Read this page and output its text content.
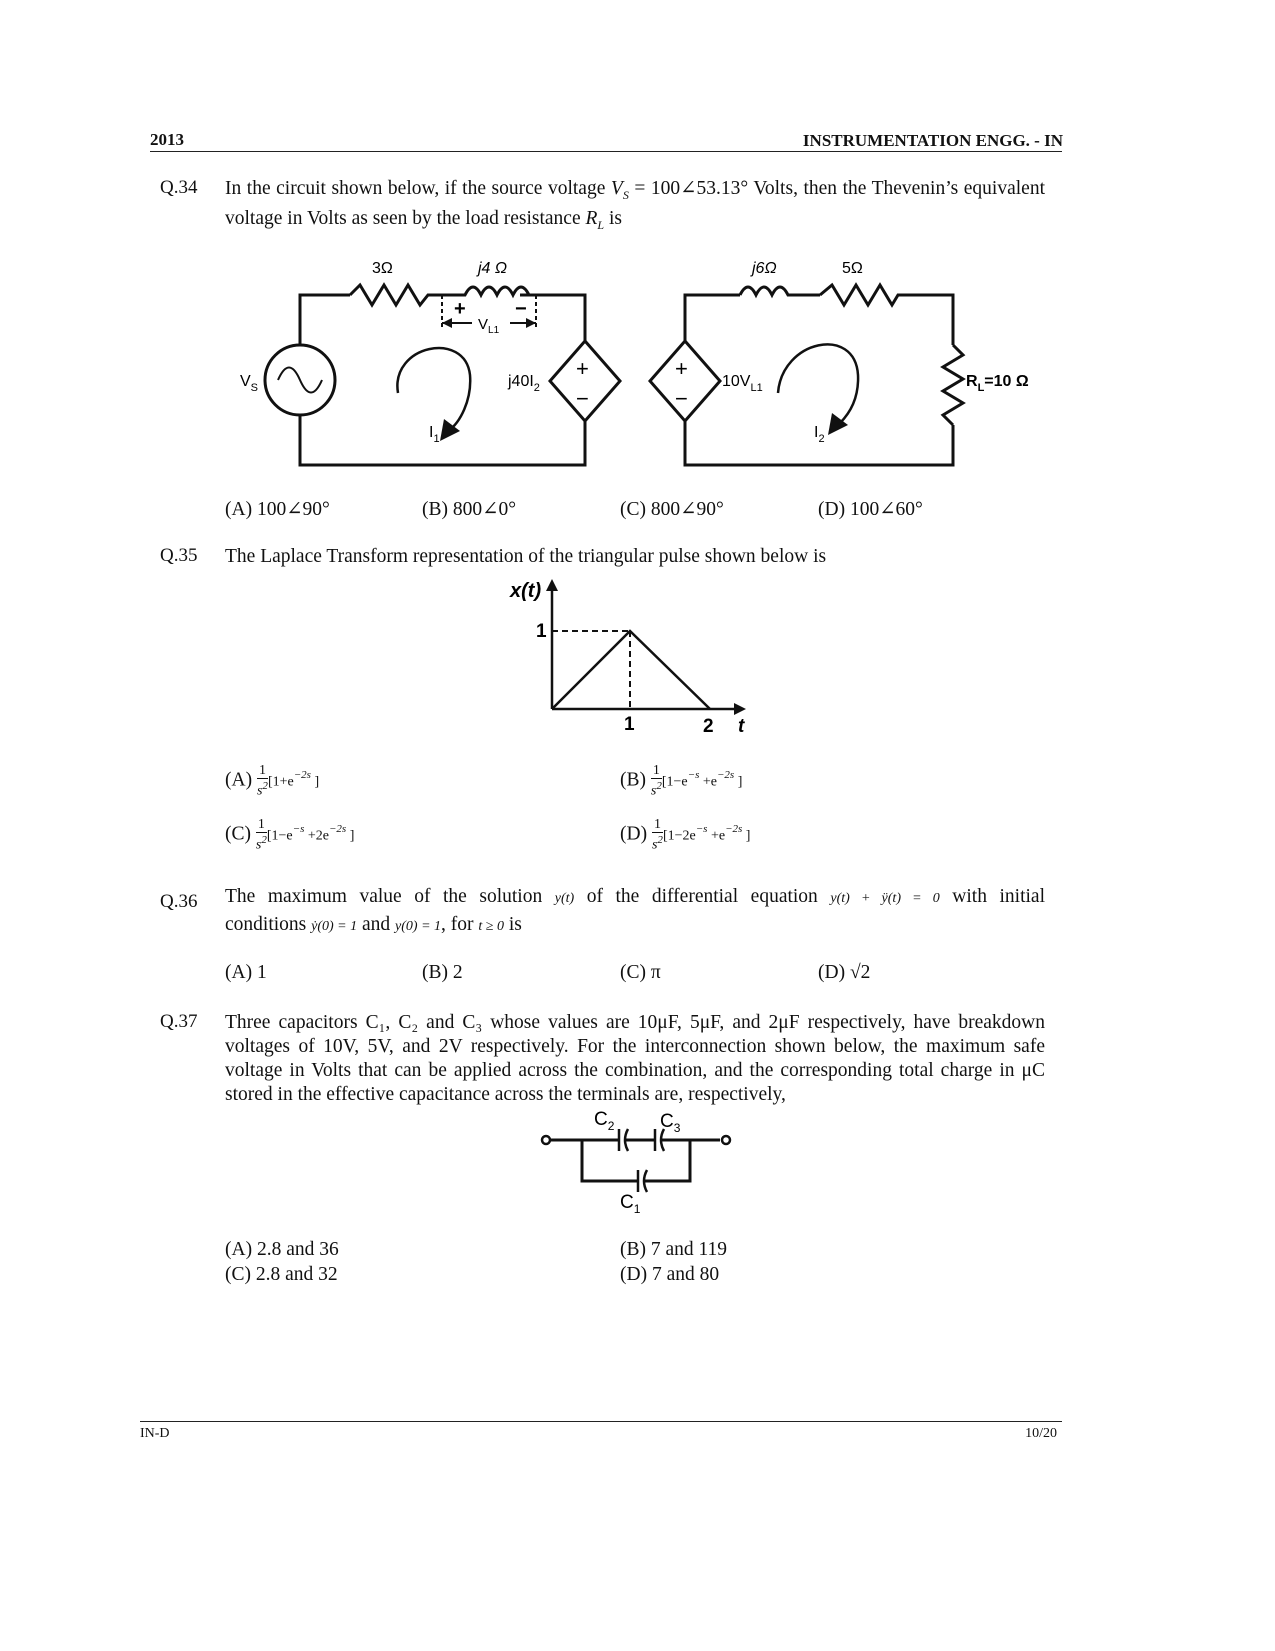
2013	INSTRUMENTATION ENGG. - IN
Q.34 In the circuit shown below, if the source voltage $V_S$ = 100∠53.13° Volts, then the Thevenin’s equivalent voltage in Volts as seen by the load resistance $R_L$ is
+ −
$V_{L1}$
+
−
+
−
3Ω	j4 Ω	j6Ω	5Ω
$V_S$	$j40I_2$	$10V_{L1}$
$I_1$	$I_2$
$R_L=10$ Ω
(A) 100∠90°	(B) 800∠0°	(C) 800∠90°	(D) 100∠60°
Q.35 The Laplace Transform representation of the triangular pulse shown below is
x(t)
1
1	2 t
$(A) \frac{1}{s^2} [1+e^{-2s}$ ]	$(B) \frac{1}{s^2} [1-e^{-s} +e^{-2s}$ ]
$(C) \frac{1}{s^2} [1-e^{-s} +2e^{-2s}$ ]	$(D) \frac{1}{s^2} [1-2e^{-s} +e^{-2s}$ ]
Q.36 The maximum value of the solution y(t) of the differential equation y(t) + ÿ(t) = 0 with initial
conditions ẏ(0) = 1 and y(0) = 1, for t ≥ 0 is
(A) 1	(B) 2	(C) π	(D) √2
Q.37 Three capacitors C₁, C₂ and C₃ whose values are 10μF, 5μF, and 2μF respectively, have breakdown voltages of 10V, 5V, and 2V respectively. For the interconnection shown below, the maximum safe voltage in Volts that can be applied across the combination, and the corresponding total charge in μC stored in the effective capacitance across the terminals are, respectively,
$C_2$ $C_3$
$C_1$
(A) 2.8 and 36	(B) 7 and 119
(C) 2.8 and 32	(D) 7 and 80
IN-D	10/20
